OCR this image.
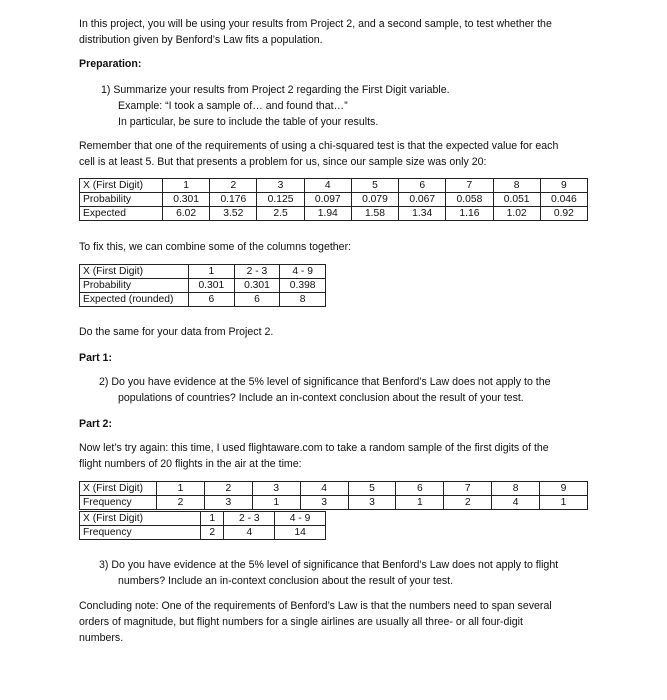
In this project, you will be using your results from Project 2, and a second sample, to test whether the

distribution given by Benford’s Law fits a population.

Preparation:

1) Summarize your results from Project 2 regarding the First Digit variable.

Example: “I took a sample of… and found that…”

In particular, be sure to include the table of your results.

Remember that one of the requirements of using a chi-squared test is that the expected value for each

cell is at least 5. But that presents a problem for us, since our sample size was only 20:

X (First Digit)	1	2	3	4	5	6	7	8	9
Probability	0.301	0.176	0.125	0.097	0.079	0.067	0.058	0.051	0.046
Expected	6.02	3.52	2.5	1.94	1.58	1.34	1.16	1.02	0.92
To fix this, we can combine some of the columns together:
X (First Digit)	1	2 - 3	4 - 9
Probability	0.301	0.301	0.398
Expected (rounded)	6	6	8
Do the same for your data from Project 2.
Part 1:

2) Do you have evidence at the 5% level of significance that Benford’s Law does not apply to the

populations of countries? Include an in-context conclusion about the result of your test.

Part 2:

Now let’s try again: this time, I used flightaware.com to take a random sample of the first digits of the

flight numbers of 20 flights in the air at the time:

X (First Digit)	1	2	3	4	5	6	7	8	9
Frequency	2	3	1	3	3	1	2	4	1
X (First Digit)	1	2 - 3	4 - 9
Frequency	2	4	14

3) Do you have evidence at the 5% level of significance that Benford’s Law does not apply to flight

numbers? Include an in-context conclusion about the result of your test.

Concluding note: One of the requirements of Benford’s Law is that the numbers need to span several

orders of magnitude, but flight numbers for a single airlines are usually all three- or all four-digit

numbers.
